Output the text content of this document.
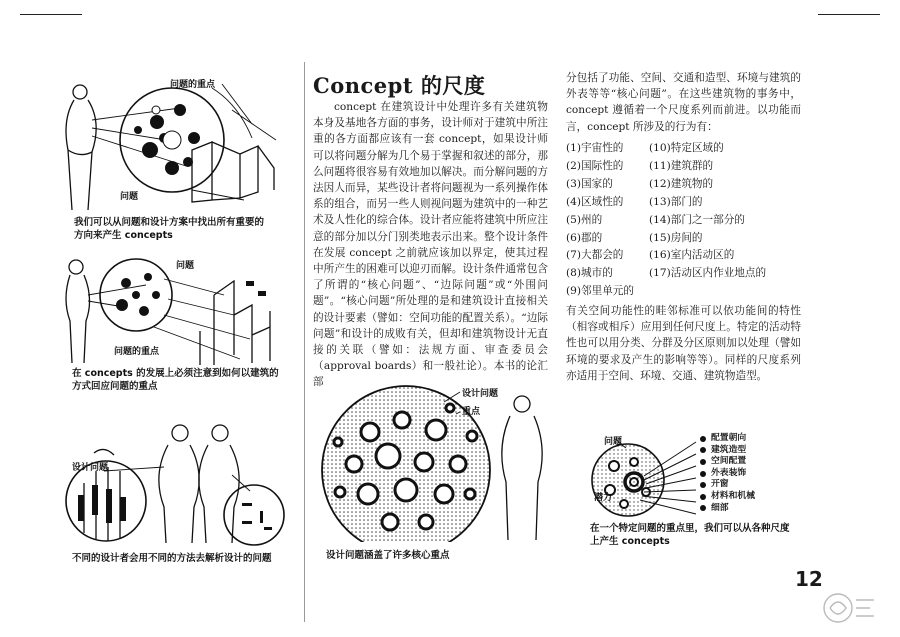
问题的重点
问题
我们可以从问题和设计方案中找出所有重要的方向来产生 concepts
问题
问题的重点
在 concepts 的发展上必须注意到如何以建筑的方式回应问题的重点
设计问题
不同的设计者会用不同的方法去解析设计的问题
Concept 的尺度

concept 在建筑设计中处理许多有关建筑物本身及基地各方面的事务，设计师对于建筑中所注重的各方面都应该有一套 concept，如果设计师可以将问题分解为几个易于掌握和叙述的部分，那么问题将很容易有效地加以解决。而分解问题的方法因人而异，某些设计者将问题视为一系列操作体系的组合，而另一些人则视问题为建筑中的一种艺术及人性化的综合体。设计者应能将建筑中所应注意的部分加以分门别类地表示出来。整个设计条件在发展 concept 之前就应该加以界定，使其过程中所产生的困难可以迎刃而解。设计条件通常包含了所谓的“核心问题”、“边际问题”或“外围问题”。“核心问题”所处理的是和建筑设计直接相关的设计要素（譬如：空间功能的配置关系）。“边际问题”和设计的成败有关，但却和建筑物设计无直接的关联（譬如：法规方面、审查委员会（approval boards）和一般社论）。本书的论汇部

分包括了功能、空间、交通和造型、环境与建筑的外表等等“核心问题”。在这些建筑物的事务中，concept 遵循着一个尺度系列而前进。以功能而言，concept 所涉及的行为有：

(1)宇宙性的	(10)特定区域的
(2)国际性的	(11)建筑群的
(3)国家的	(12)建筑物的
(4)区域性的	(13)部门的
(5)州的	(14)部门之一部分的
(6)郡的	(15)房间的
(7)大都会的	(16)室内活动区的
(8)城市的	(17)活动区内作业地点的
(9)邻里单元的

有关空间功能性的畦邻标准可以依功能间的特性（相容或相斥）应用到任何尺度上。特定的活动特性也可以用分类、分群及分区原则加以处理（譬如环境的要求及产生的影响等等）。同样的尺度系列亦适用于空间、环境、交通、建筑物造型。

设计问题
重点
设计问题涵盖了许多核心重点
问题
潜力
配置朝向
建筑造型
空间配置
外表装饰
开窗
材料和机械
细部
在一个特定问题的重点里，我们可以从各种尺度上产生 concepts
12
